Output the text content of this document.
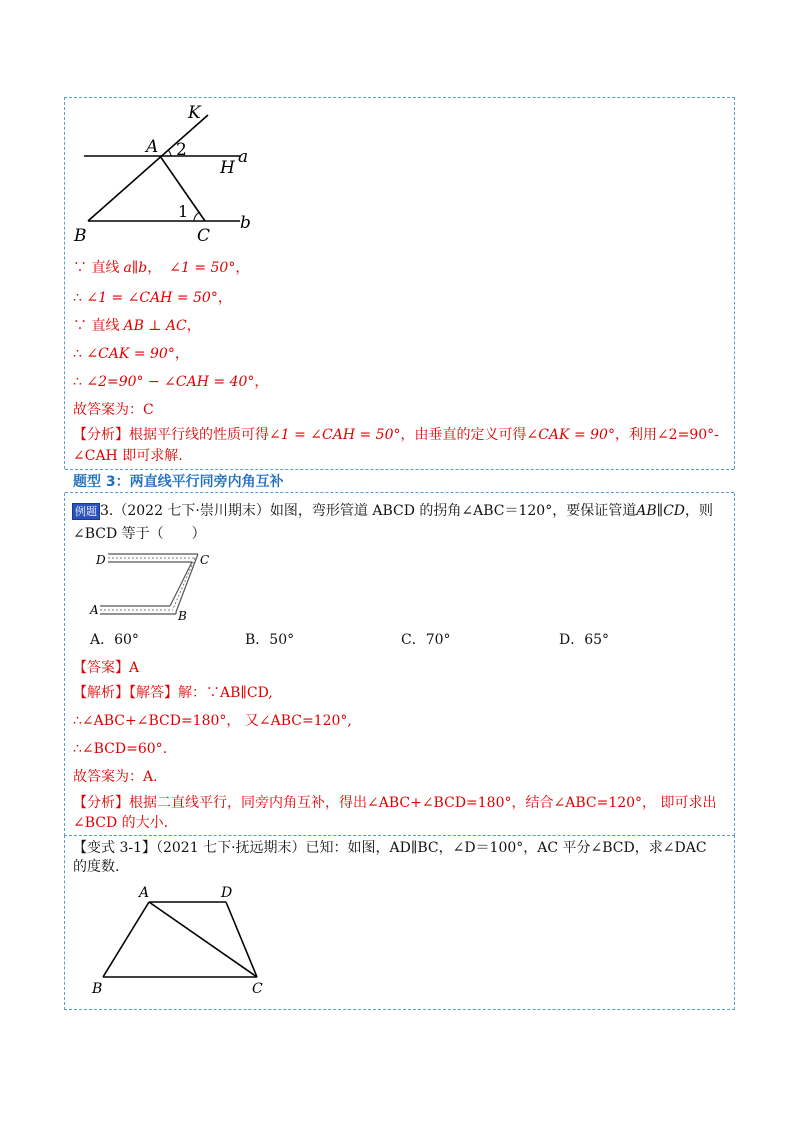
K
A 2	a
H
1
b
B	C
∵ 直线 a∥b， ∠1 = 50°，
∴ ∠1 = ∠CAH = 50°，
∵ 直线 AB ⊥ AC，
∴ ∠CAK = 90°，
∴ ∠2=90° − ∠CAH = 40°，
故答案为：C
【分析】根据平行线的性质可得∠1 = ∠CAH = 50°，由垂直的定义可得∠CAK = 90°，利用∠2=90°-
∠CAH 即可求解.
题型 3：两直线平行同旁内角互补
例题 3.（2022 七下·崇川期末）如图，弯形管道 ABCD 的拐角∠ABC＝120°，要保证管道AB∥CD，则
∠BCD 等于（　　）
D	C
A	B
A．60°	B．50°	C．70°	D．65°
【答案】A
【解析】【解答】解：∵AB∥CD,
∴∠ABC+∠BCD=180°， 又∠ABC=120°,
∴∠BCD=60°.
故答案为：A.
【分析】根据二直线平行，同旁内角互补，得出∠ABC+∠BCD=180°，结合∠ABC=120°， 即可求出
∠BCD 的大小.
【变式 3-1】（2021 七下·抚远期末）已知：如图，AD∥BC，∠D＝100°，AC 平分∠BCD，求∠DAC
的度数.
A	D
B	C
